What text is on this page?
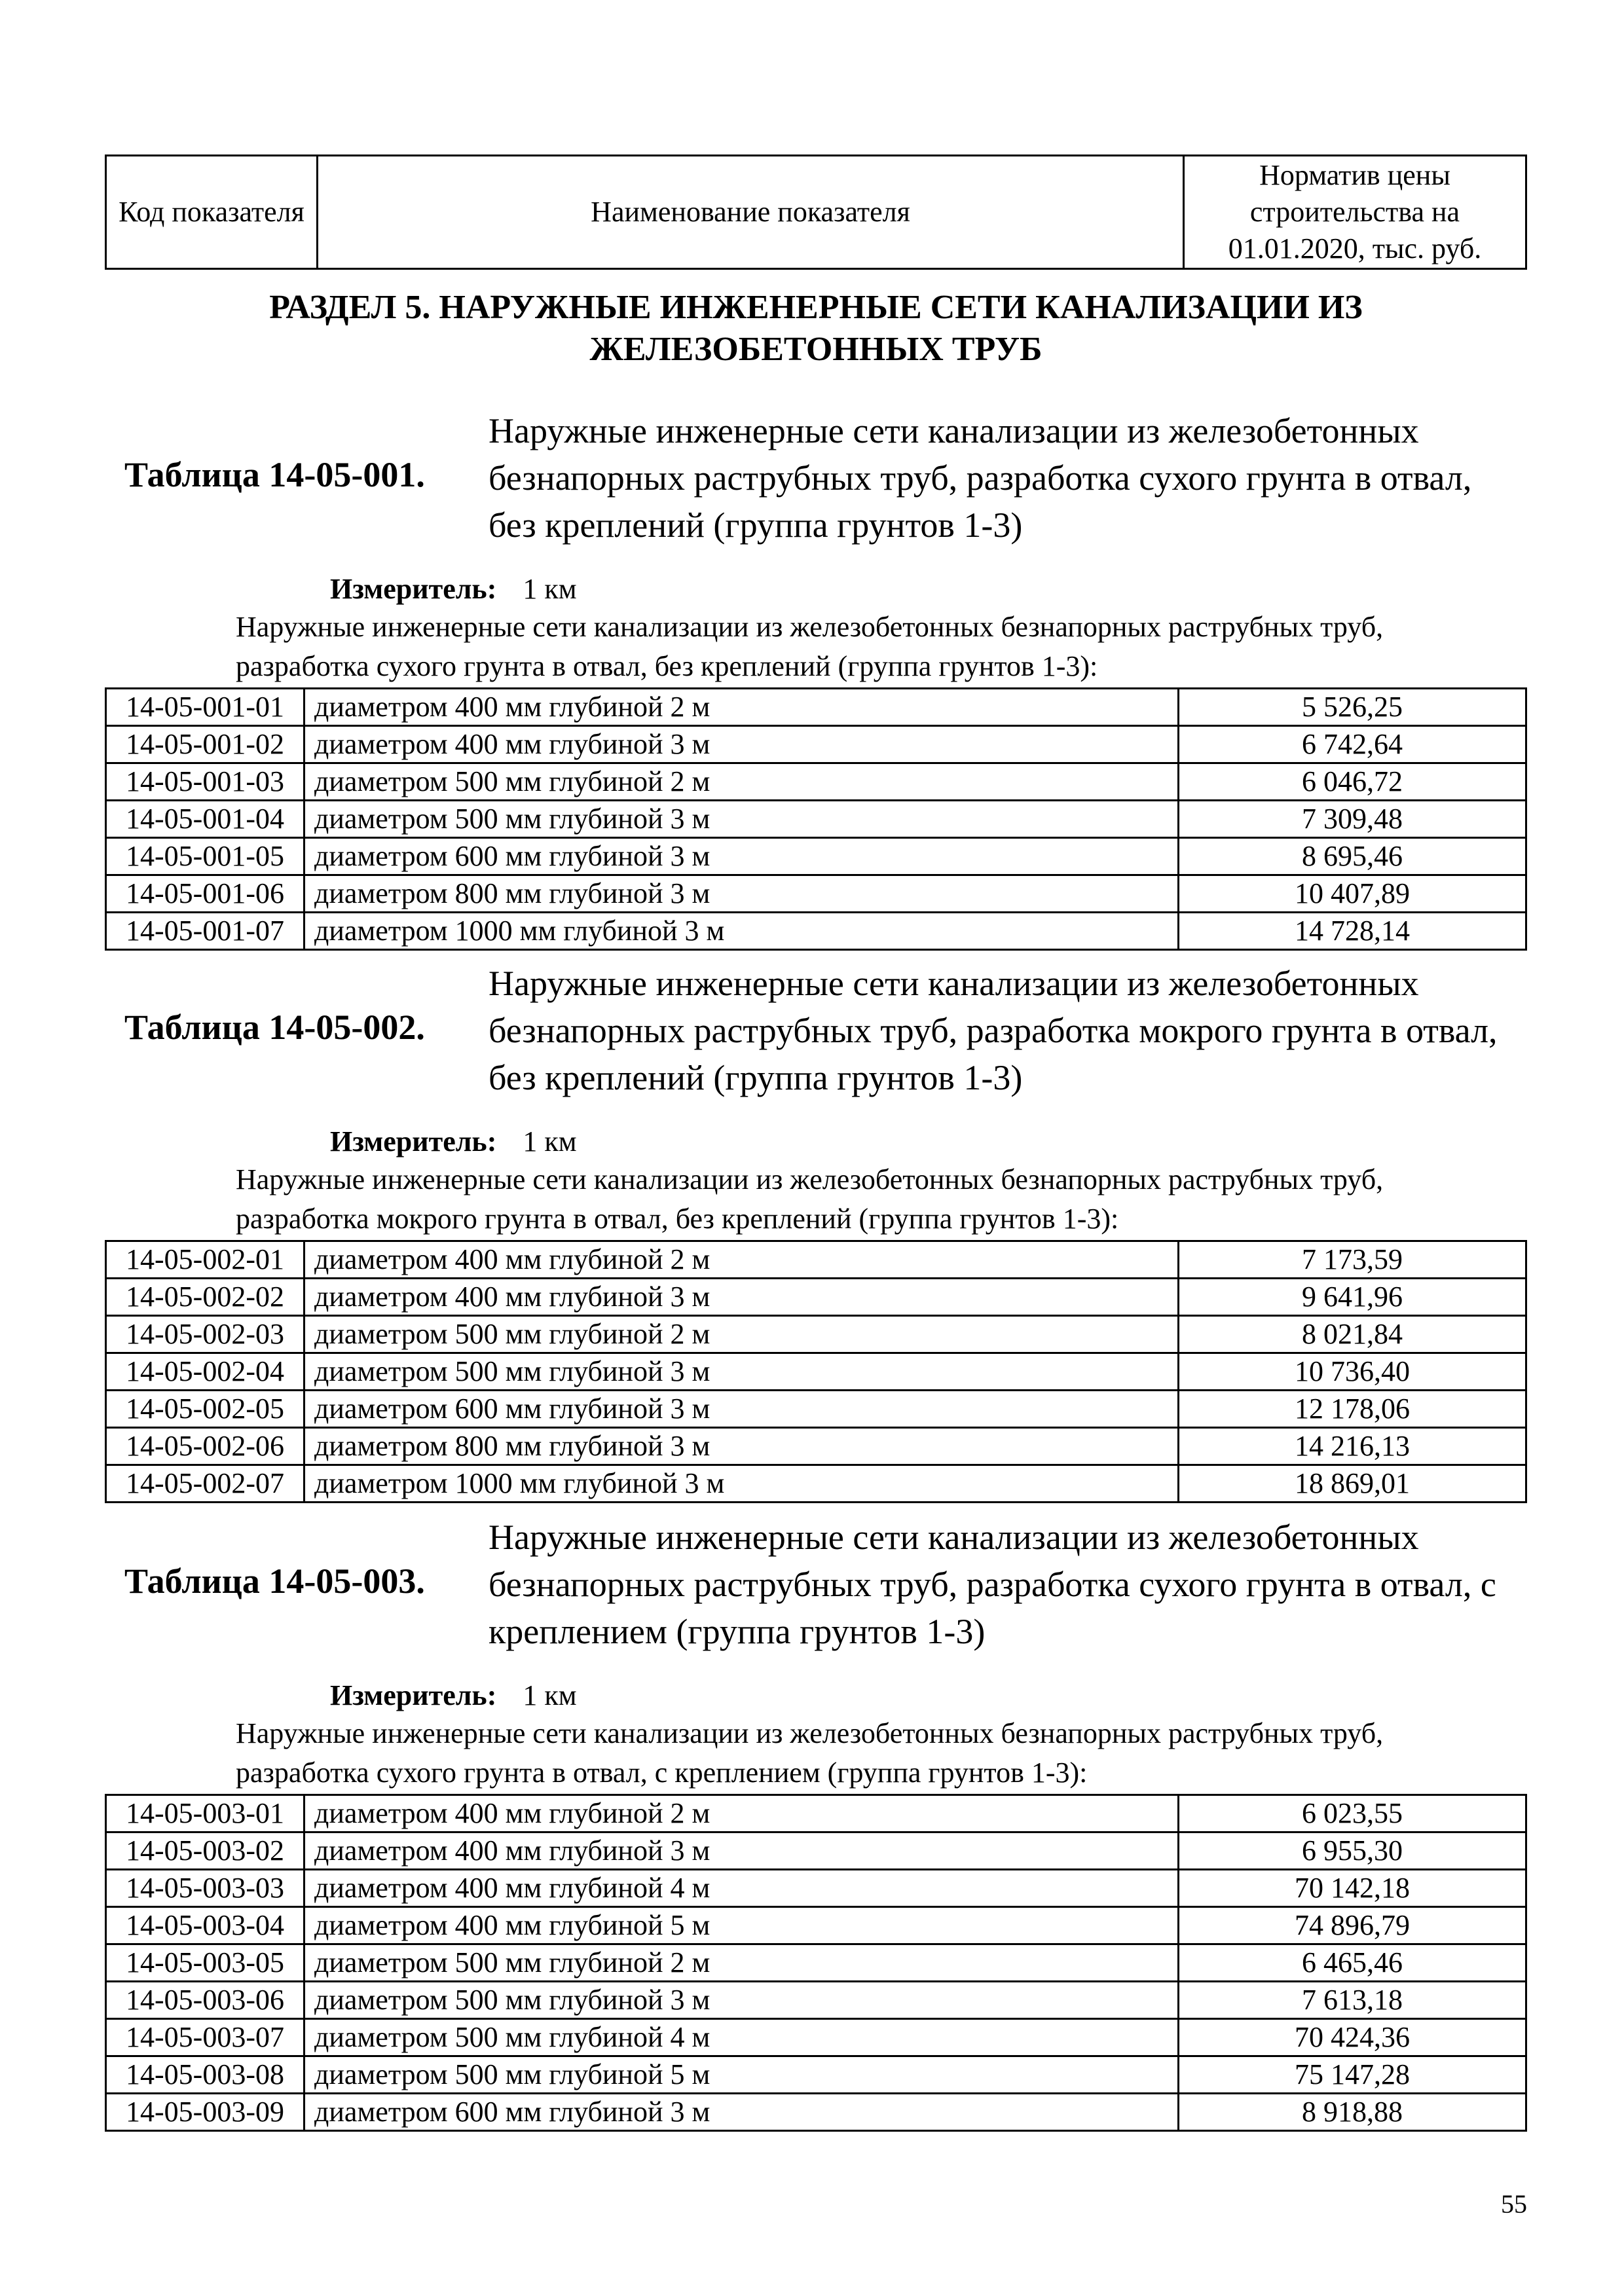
Код показателя	Наименование показателя	Норматив цены строительства на 01.01.2020, тыс. руб.
РАЗДЕЛ 5. НАРУЖНЫЕ ИНЖЕНЕРНЫЕ СЕТИ КАНАЛИЗАЦИИ ИЗ ЖЕЛЕЗОБЕТОННЫХ ТРУБ
Таблица 14-05-001.
Наружные инженерные сети канализации из железобетонных безнапорных раструбных труб, разработка сухого грунта в отвал, без креплений (группа грунтов 1-3)
Измеритель: 1 км
Наружные инженерные сети канализации из железобетонных безнапорных раструбных труб, разработка сухого грунта в отвал, без креплений (группа грунтов 1-3):
14-05-001-01	диаметром 400 мм глубиной 2 м	5 526,25
14-05-001-02	диаметром 400 мм глубиной 3 м	6 742,64
14-05-001-03	диаметром 500 мм глубиной 2 м	6 046,72
14-05-001-04	диаметром 500 мм глубиной 3 м	7 309,48
14-05-001-05	диаметром 600 мм глубиной 3 м	8 695,46
14-05-001-06	диаметром 800 мм глубиной 3 м	10 407,89
14-05-001-07	диаметром 1000 мм глубиной 3 м	14 728,14
Таблица 14-05-002.
Наружные инженерные сети канализации из железобетонных безнапорных раструбных труб, разработка мокрого грунта в отвал, без креплений (группа грунтов 1-3)
Измеритель: 1 км
Наружные инженерные сети канализации из железобетонных безнапорных раструбных труб, разработка мокрого грунта в отвал, без креплений (группа грунтов 1-3):
14-05-002-01	диаметром 400 мм глубиной 2 м	7 173,59
14-05-002-02	диаметром 400 мм глубиной 3 м	9 641,96
14-05-002-03	диаметром 500 мм глубиной 2 м	8 021,84
14-05-002-04	диаметром 500 мм глубиной 3 м	10 736,40
14-05-002-05	диаметром 600 мм глубиной 3 м	12 178,06
14-05-002-06	диаметром 800 мм глубиной 3 м	14 216,13
14-05-002-07	диаметром 1000 мм глубиной 3 м	18 869,01
Таблица 14-05-003.
Наружные инженерные сети канализации из железобетонных безнапорных раструбных труб, разработка сухого грунта в отвал, с креплением (группа грунтов 1-3)
Измеритель: 1 км
Наружные инженерные сети канализации из железобетонных безнапорных раструбных труб, разработка сухого грунта в отвал, с креплением (группа грунтов 1-3):
14-05-003-01	диаметром 400 мм глубиной 2 м	6 023,55
14-05-003-02	диаметром 400 мм глубиной 3 м	6 955,30
14-05-003-03	диаметром 400 мм глубиной 4 м	70 142,18
14-05-003-04	диаметром 400 мм глубиной 5 м	74 896,79
14-05-003-05	диаметром 500 мм глубиной 2 м	6 465,46
14-05-003-06	диаметром 500 мм глубиной 3 м	7 613,18
14-05-003-07	диаметром 500 мм глубиной 4 м	70 424,36
14-05-003-08	диаметром 500 мм глубиной 5 м	75 147,28
14-05-003-09	диаметром 600 мм глубиной 3 м	8 918,88
55
